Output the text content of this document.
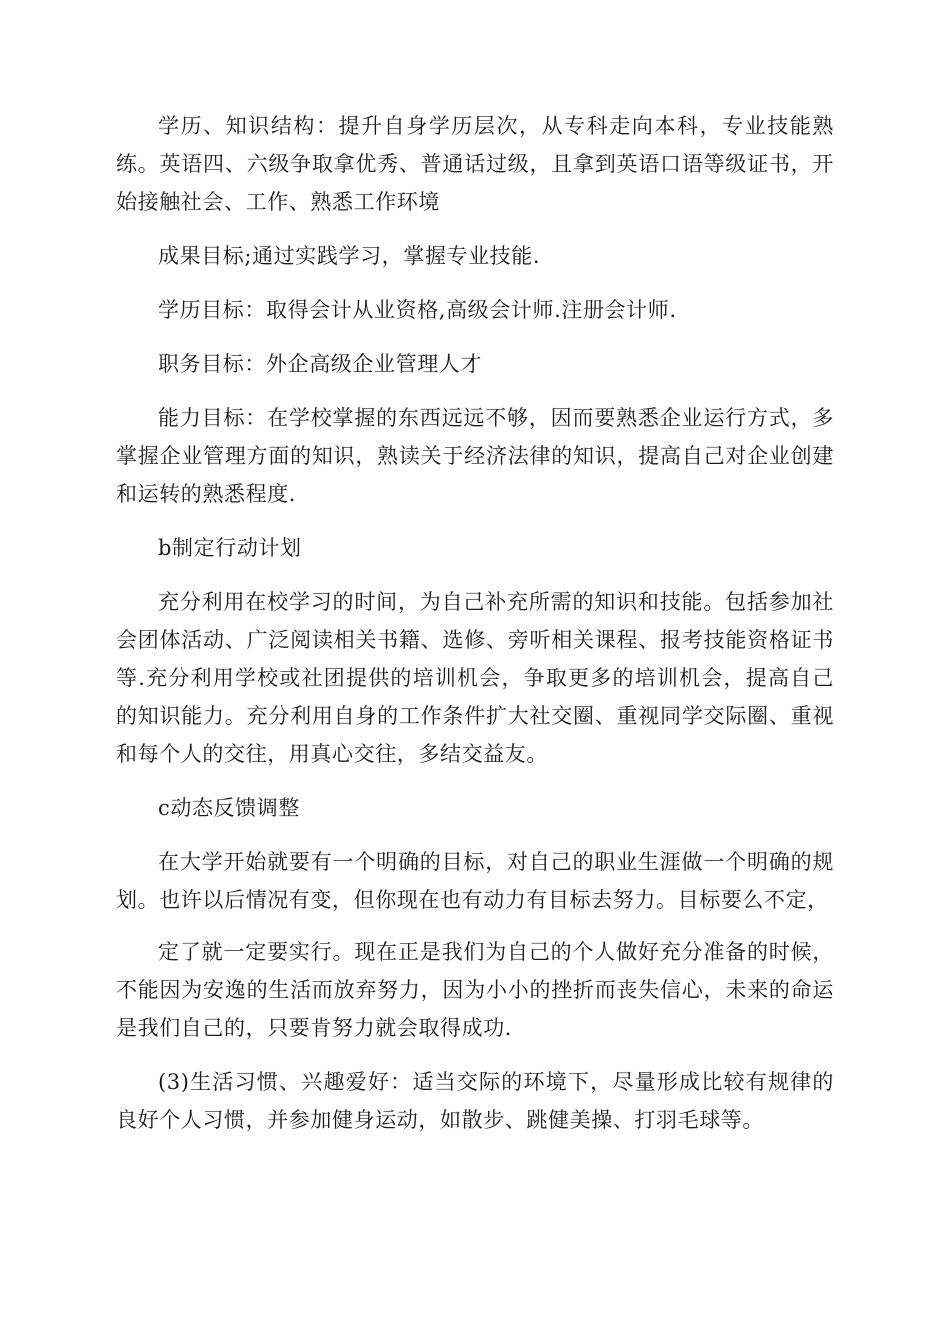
学历、知识结构：提升自身学历层次，从专科走向本科，专业技能熟练。英语四、六级争取拿优秀、普通话过级，且拿到英语口语等级证书，开始接触社会、工作、熟悉工作环境

成果目标;通过实践学习，掌握专业技能.

学历目标：取得会计从业资格,高级会计师.注册会计师.

职务目标：外企高级企业管理人才

能力目标：在学校掌握的东西远远不够，因而要熟悉企业运行方式，多掌握企业管理方面的知识，熟读关于经济法律的知识，提高自己对企业创建和运转的熟悉程度.

b制定行动计划

充分利用在校学习的时间，为自己补充所需的知识和技能。包括参加社会团体活动、广泛阅读相关书籍、选修、旁听相关课程、报考技能资格证书等.充分利用学校或社团提供的培训机会，争取更多的培训机会，提高自己的知识能力。充分利用自身的工作条件扩大社交圈、重视同学交际圈、重视和每个人的交往，用真心交往，多结交益友。

c动态反馈调整

在大学开始就要有一个明确的目标，对自己的职业生涯做一个明确的规划。也许以后情况有变，但你现在也有动力有目标去努力。目标要么不定，

定了就一定要实行。现在正是我们为自己的个人做好充分准备的时候，不能因为安逸的生活而放弃努力，因为小小的挫折而丧失信心，未来的命运是我们自己的，只要肯努力就会取得成功.

(3)生活习惯、兴趣爱好：适当交际的环境下，尽量形成比较有规律的良好个人习惯，并参加健身运动，如散步、跳健美操、打羽毛球等。
